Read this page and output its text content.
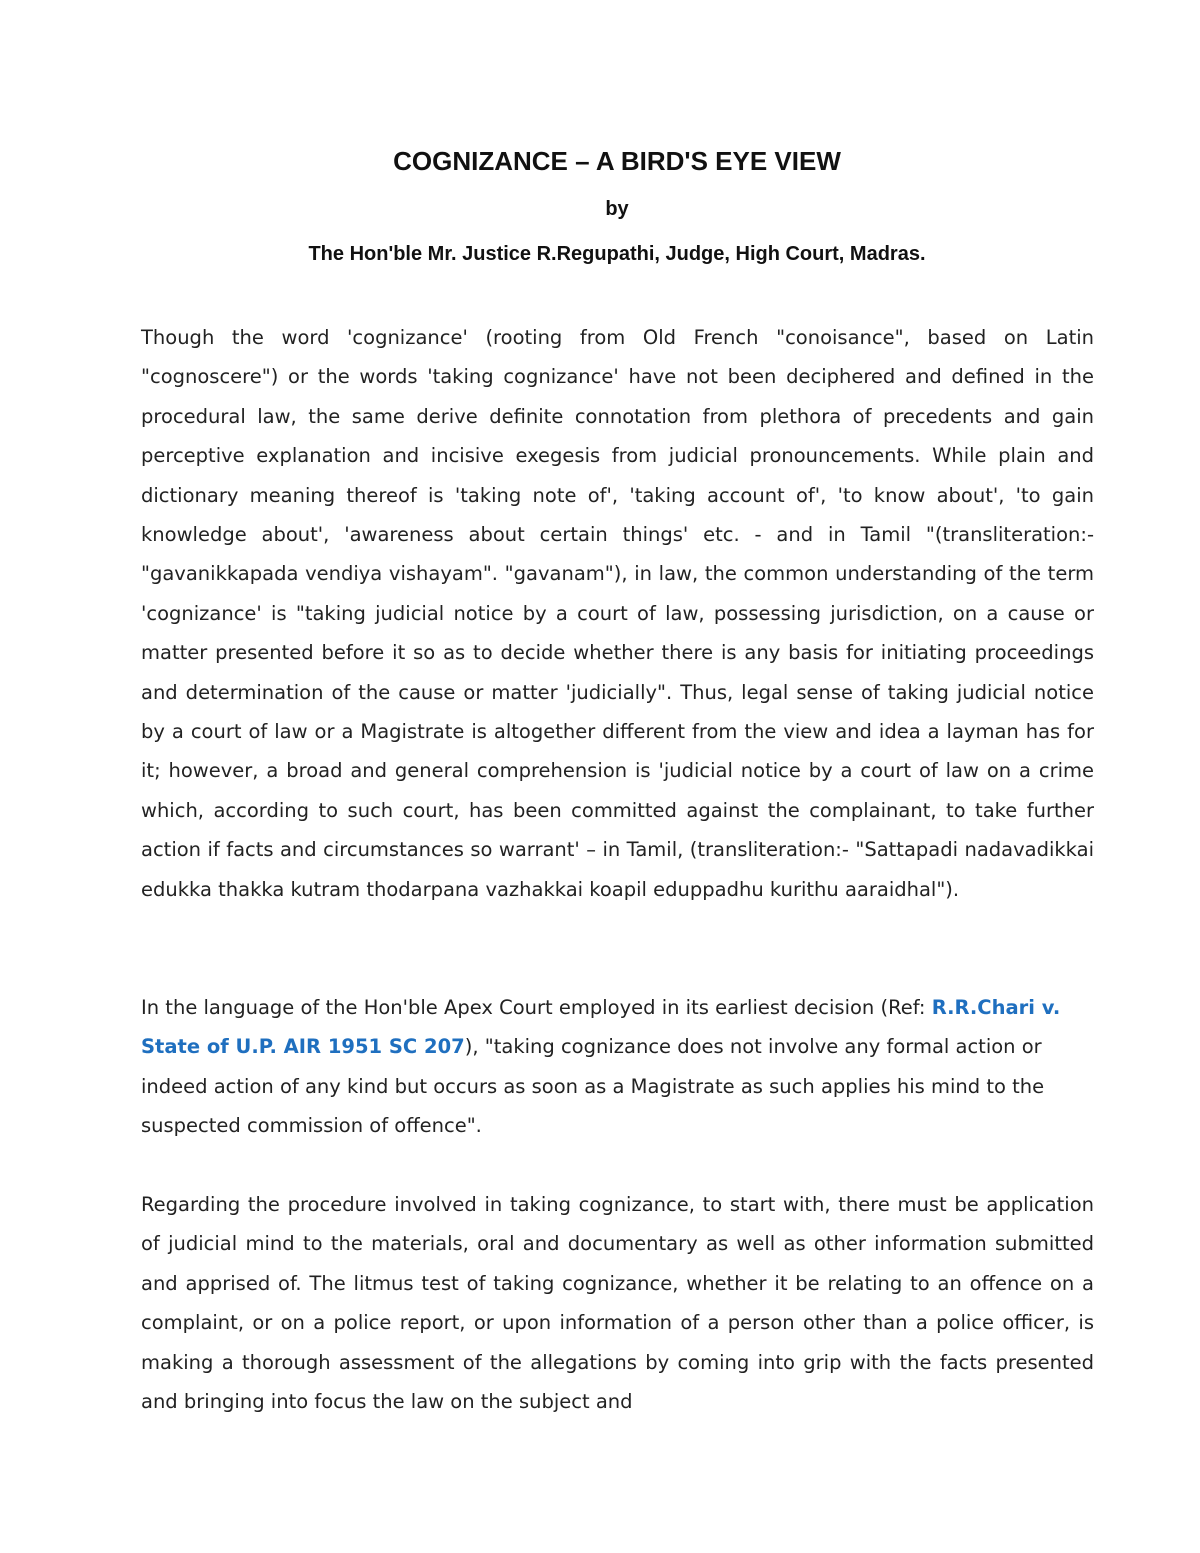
COGNIZANCE – A BIRD'S EYE VIEW
by
The Hon'ble Mr. Justice R.Regupathi, Judge, High Court, Madras.

Though the word 'cognizance' (rooting from Old French "conoisance", based on Latin "cognoscere") or the words 'taking cognizance' have not been deciphered and defined in the procedural law, the same derive definite connotation from plethora of precedents and gain perceptive explanation and incisive exegesis from judicial pronouncements. While plain and dictionary meaning thereof is 'taking note of', 'taking account of', 'to know about', 'to gain knowledge about', 'awareness about certain things' etc. - and in Tamil "(transliteration:- "gavanikkapada vendiya vishayam". "gavanam"), in law, the common understanding of the term 'cognizance' is "taking judicial notice by a court of law, possessing jurisdiction, on a cause or matter presented before it so as to decide whether there is any basis for initiating proceedings and determination of the cause or matter 'judicially". Thus, legal sense of taking judicial notice by a court of law or a Magistrate is altogether different from the view and idea a layman has for it; however, a broad and general comprehension is 'judicial notice by a court of law on a crime which, according to such court, has been committed against the complainant, to take further action if facts and circumstances so warrant' – in Tamil, (transliteration:- "Sattapadi nadavadikkai edukka thakka kutram thodarpana vazhakkai koapil eduppadhu kurithu aaraidhal").

In the language of the Hon'ble Apex Court employed in its earliest decision (Ref: R.R.Chari v. State of U.P. AIR 1951 SC 207), "taking cognizance does not involve any formal action or indeed action of any kind but occurs as soon as a Magistrate as such applies his mind to the suspected commission of offence".

Regarding the procedure involved in taking cognizance, to start with, there must be application of judicial mind to the materials, oral and documentary as well as other information submitted and apprised of. The litmus test of taking cognizance, whether it be relating to an offence on a complaint, or on a police report, or upon information of a person other than a police officer, is making a thorough assessment of the allegations by coming into grip with the facts presented and bringing into focus the law on the subject and
